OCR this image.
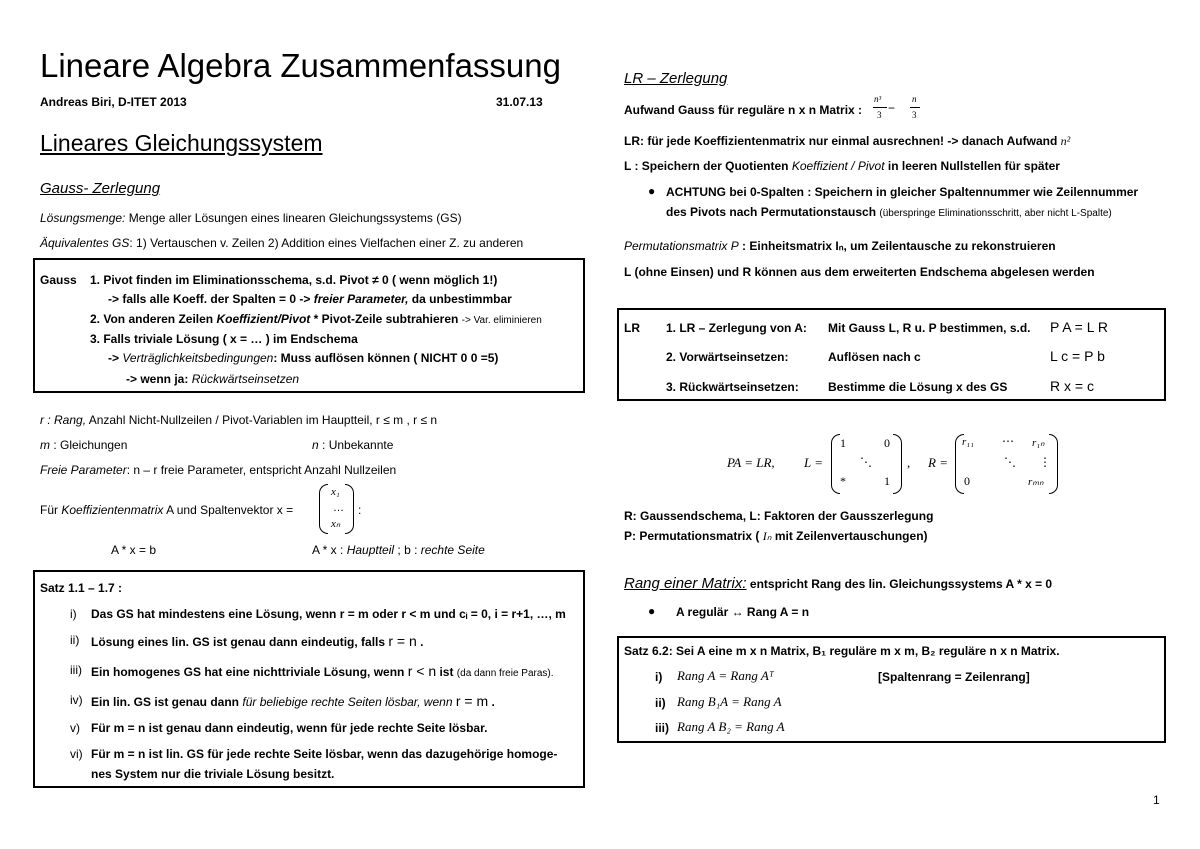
Lineare Algebra Zusammenfassung
Andreas Biri, D-ITET 2013	31.07.13
Lineares Gleichungssystem
Gauss- Zerlegung
Lösungsmenge: Menge aller Lösungen eines linearen Gleichungssystems (GS)
Äquivalentes GS: 1) Vertauschen v. Zeilen 2) Addition eines Vielfachen einer Z. zu anderen
Gauss 1. Pivot finden im Eliminationsschema, s.d. Pivot ≠ 0 ( wenn möglich 1!)
-> falls alle Koeff. der Spalten = 0 -> freier Parameter, da unbestimmbar
2. Von anderen Zeilen Koeffizient/Pivot * Pivot-Zeile subtrahieren -> Var. eliminieren
3. Falls triviale Lösung ( x = … ) im Endschema
-> Verträglichkeitsbedingungen: Muss auflösen können ( NICHT 0 0 =5)
-> wenn ja: Rückwärtseinsetzen
r : Rang, Anzahl Nicht-Nullzeilen / Pivot-Variablen im Hauptteil, r ≤ m , r ≤ n
m : Gleichungen	n : Unbekannte
Freie Parameter: n – r freie Parameter, entspricht Anzahl Nullzeilen
Für Koeffizientenmatrix A und Spaltenvektor x =
x₁
…
xₙ
:
A * x = b	A * x : Hauptteil ; b : rechte Seite
Satz 1.1 – 1.7 :
i) Das GS hat mindestens eine Lösung, wenn r = m oder r < m und cᵢ = 0, i = r+1, …, m
ii) Lösung eines lin. GS ist genau dann eindeutig, falls r = n .
iii) Ein homogenes GS hat eine nichttriviale Lösung, wenn r < n ist (da dann freie Paras).
iv) Ein lin. GS ist genau dann für beliebige rechte Seiten lösbar, wenn r = m .
v) Für m = n ist genau dann eindeutig, wenn für jede rechte Seite lösbar.
vi) Für m = n ist lin. GS für jede rechte Seite lösbar, wenn das dazugehörige homoge-
nes System nur die triviale Lösung besitzt.
LR – Zerlegung
Aufwand Gauss für reguläre n x n Matrix :
n³
3 −
n
3
LR: für jede Koeffizientenmatrix nur einmal ausrechnen! -> danach Aufwand n²
L : Speichern der Quotienten Koeffizient / Pivot in leeren Nullstellen für später
● ACHTUNG bei 0-Spalten : Speichern in gleicher Spaltennummer wie Zeilennummer
des Pivots nach Permutationstausch (überspringe Eliminationsschritt, aber nicht L-Spalte)
Permutationsmatrix P : Einheitsmatrix Iₙ, um Zeilentausche zu rekonstruieren
L (ohne Einsen) und R können aus dem erweiterten Endschema abgelesen werden
LR 1. LR – Zerlegung von A: Mit Gauss L, R u. P bestimmen, s.d. P A = L R
2. Vorwärtseinsetzen:	Auflösen nach c	L c = P b
3. Rückwärtseinsetzen: Bestimme die Lösung x des GS	R x = c
PA = LR, L =
1	0
⋱
*	1
, R =
r₁₁ ⋯ r₁ₙ
⋱ ⋮
0	rₘₙ
R: Gaussendschema, L: Faktoren der Gausszerlegung
P: Permutationsmatrix ( Iₙ mit Zeilenvertauschungen)
Rang einer Matrix: entspricht Rang des lin. Gleichungssystems A * x = 0
● A regulär ↔ Rang A = n
Satz 6.2: Sei A eine m x n Matrix, B₁ reguläre m x m, B₂ reguläre n x n Matrix.
i) Rang A = Rang Aᵀ	[Spaltenrang = Zeilenrang]
ii) Rang B₁A = Rang A
iii) Rang A B₂ = Rang A
1
